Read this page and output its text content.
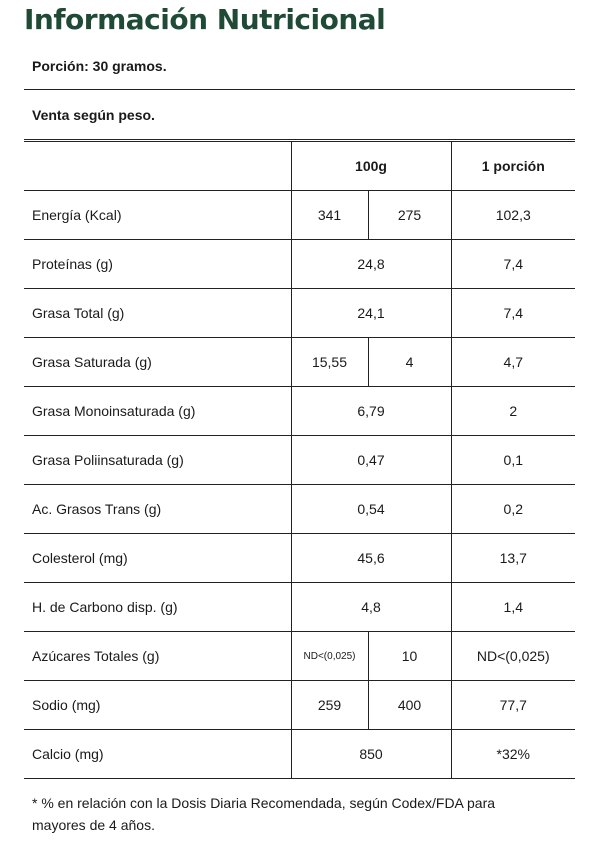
Información Nutricional
Porción: 30 gramos.
Venta según peso.
	100g		1 porción
Energía (Kcal)	341	275	102,3
Proteínas (g)	24,8		7,4
Grasa Total (g)	24,1		7,4
Grasa Saturada (g)	15,55	4	4,7
Grasa Monoinsaturada (g)	6,79		2
Grasa Poliinsaturada (g)	0,47		0,1
Ac. Grasos Trans (g)	0,54		0,2
Colesterol (mg)	45,6		13,7
H. de Carbono disp. (g)	4,8		1,4
Azúcares Totales (g)	ND<(0,025)	10	ND<(0,025)
Sodio (mg)	259	400	77,7
Calcio (mg)	850		*32%
* % en relación con la Dosis Diaria Recomendada, según Codex/FDA para mayores de 4 años.
